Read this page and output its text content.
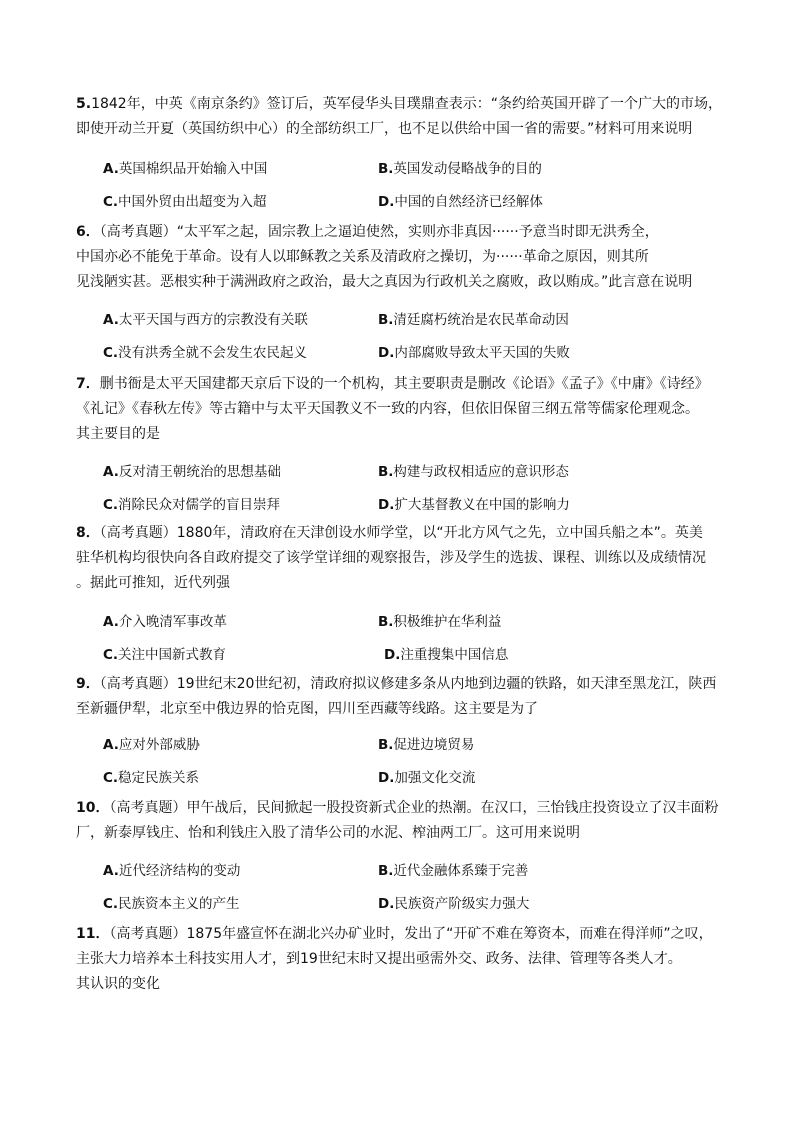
5.1842年，中英《南京条约》签订后，英军侵华头目璞鼎查表示：“条约给英国开辟了一个广大的市场，

即使开动兰开夏（英国纺织中心）的全部纺织工厂，也不足以供给中国一省的需要。”材料可用来说明

A.英国棉织品开始输入中国	B.英国发动侵略战争的目的
C.中国外贸由出超变为入超	D.中国的自然经济已经解体

6．（高考真题）“太平军之起，固宗教上之逼迫使然，实则亦非真因······予意当时即无洪秀全，

中国亦必不能免于革命。设有人以耶稣教之关系及清政府之操切，为······革命之原因，则其所

见浅陋实甚。恶根实种于满洲政府之政治，最大之真因为行政机关之腐败，政以贿成。”此言意在说明

A.太平天国与西方的宗教没有关联	B.清廷腐朽统治是农民革命动因
C.没有洪秀全就不会发生农民起义	D.内部腐败导致太平天国的失败

7．删书衙是太平天国建都天京后下设的一个机构，其主要职责是删改《论语》《孟子》《中庸》《诗经》

《礼记》《春秋左传》等古籍中与太平天国教义不一致的内容，但依旧保留三纲五常等儒家伦理观念。

其主要目的是

A.反对清王朝统治的思想基础	B.构建与政权相适应的意识形态
C.消除民众对儒学的盲目崇拜	D.扩大基督教义在中国的影响力

8．（高考真题）1880年，清政府在天津创设水师学堂，以“开北方风气之先，立中国兵船之本”。英美

驻华机构均很快向各自政府提交了该学堂详细的观察报告，涉及学生的选拔、课程、训练以及成绩情况

。据此可推知，近代列强

A.介入晚清军事改革	B.积极维护在华利益
C.关注中国新式教育	D.注重搜集中国信息

9．（高考真题）19世纪末20世纪初，清政府拟议修建多条从内地到边疆的铁路，如天津至黑龙江，陕西

至新疆伊犁，北京至中俄边界的恰克图，四川至西藏等线路。这主要是为了

A.应对外部威胁	B.促进边境贸易
C.稳定民族关系	D.加强文化交流

10．（高考真题）甲午战后，民间掀起一股投资新式企业的热潮。在汉口，三怡钱庄投资设立了汉丰面粉

厂，新泰厚钱庄、怡和利钱庄入股了清华公司的水泥、榨油两工厂。这可用来说明

A.近代经济结构的变动	B.近代金融体系臻于完善
C.民族资本主义的产生	D.民族资产阶级实力强大

11．（高考真题）1875年盛宣怀在湖北兴办矿业时，发出了“开矿不难在筹资本，而难在得洋师”之叹，

主张大力培养本土科技实用人才，到19世纪末时又提出亟需外交、政务、法律、管理等各类人才。

其认识的变化
